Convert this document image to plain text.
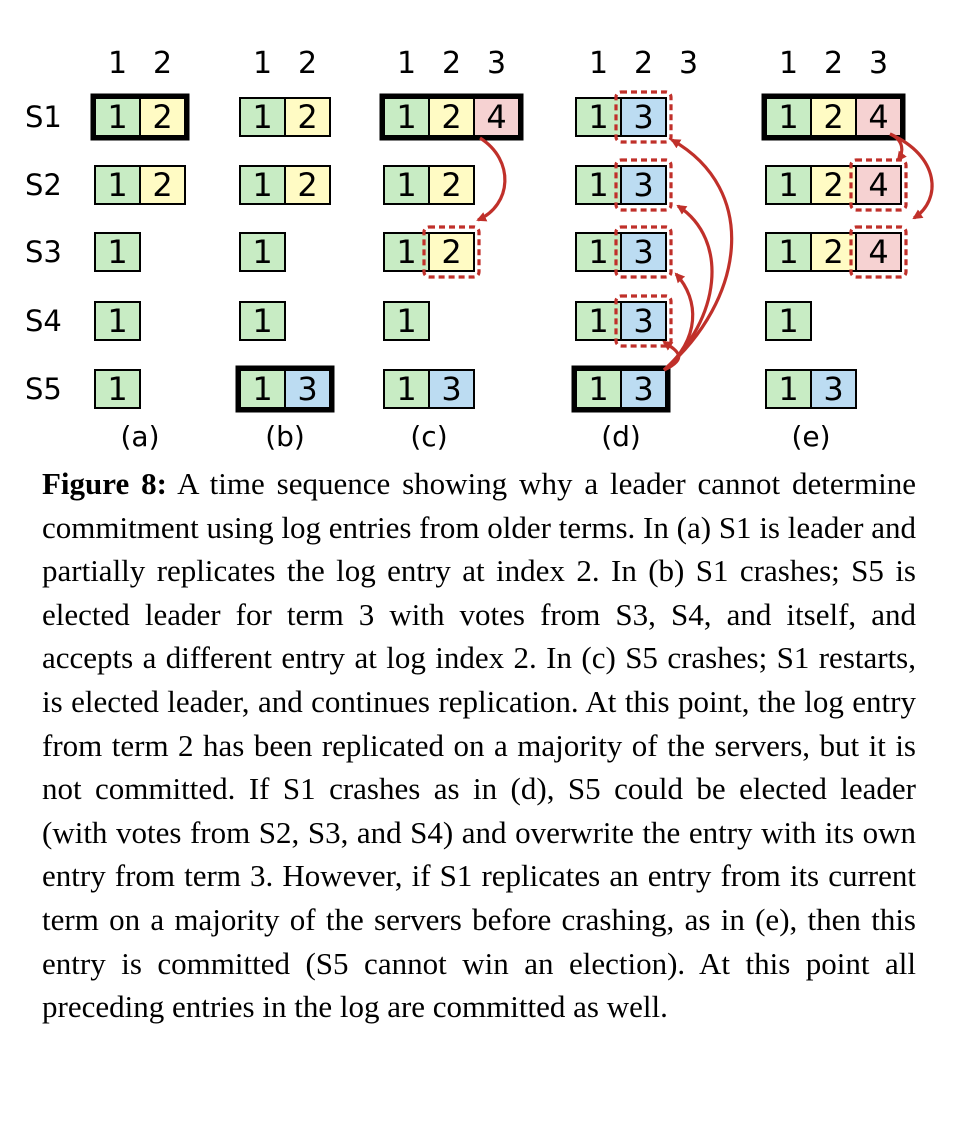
S1
S2
S3
S4
S5
1 2
1 2
1 2
1
1
1
(a)
1 2
1 2
1 2
1
1
1 3
(b)
1 2 3
1 2 4
1 2
1 2
1
1 3
(c)
1 2 3
1 3
1 3
1 3
1 3
1 3
(d)
1 2 3
1 2 4
1 2 4
1 2 4
1
1 3
(e)

Figure 8: A time sequence showing why a leader cannot determine commitment using log entries from older terms. In (a) S1 is leader and partially replicates the log entry at index 2. In (b) S1 crashes; S5 is elected leader for term 3 with votes from S3, S4, and itself, and accepts a different entry at log index 2. In (c) S5 crashes; S1 restarts, is elected leader, and continues replication. At this point, the log entry from term 2 has been replicated on a majority of the servers, but it is not committed. If S1 crashes as in (d), S5 could be elected leader (with votes from S2, S3, and S4) and overwrite the entry with its own entry from term 3. However, if S1 replicates an entry from its current term on a majority of the servers before crashing, as in (e), then this entry is committed (S5 cannot win an election). At this point all preceding entries in the log are committed as well.
